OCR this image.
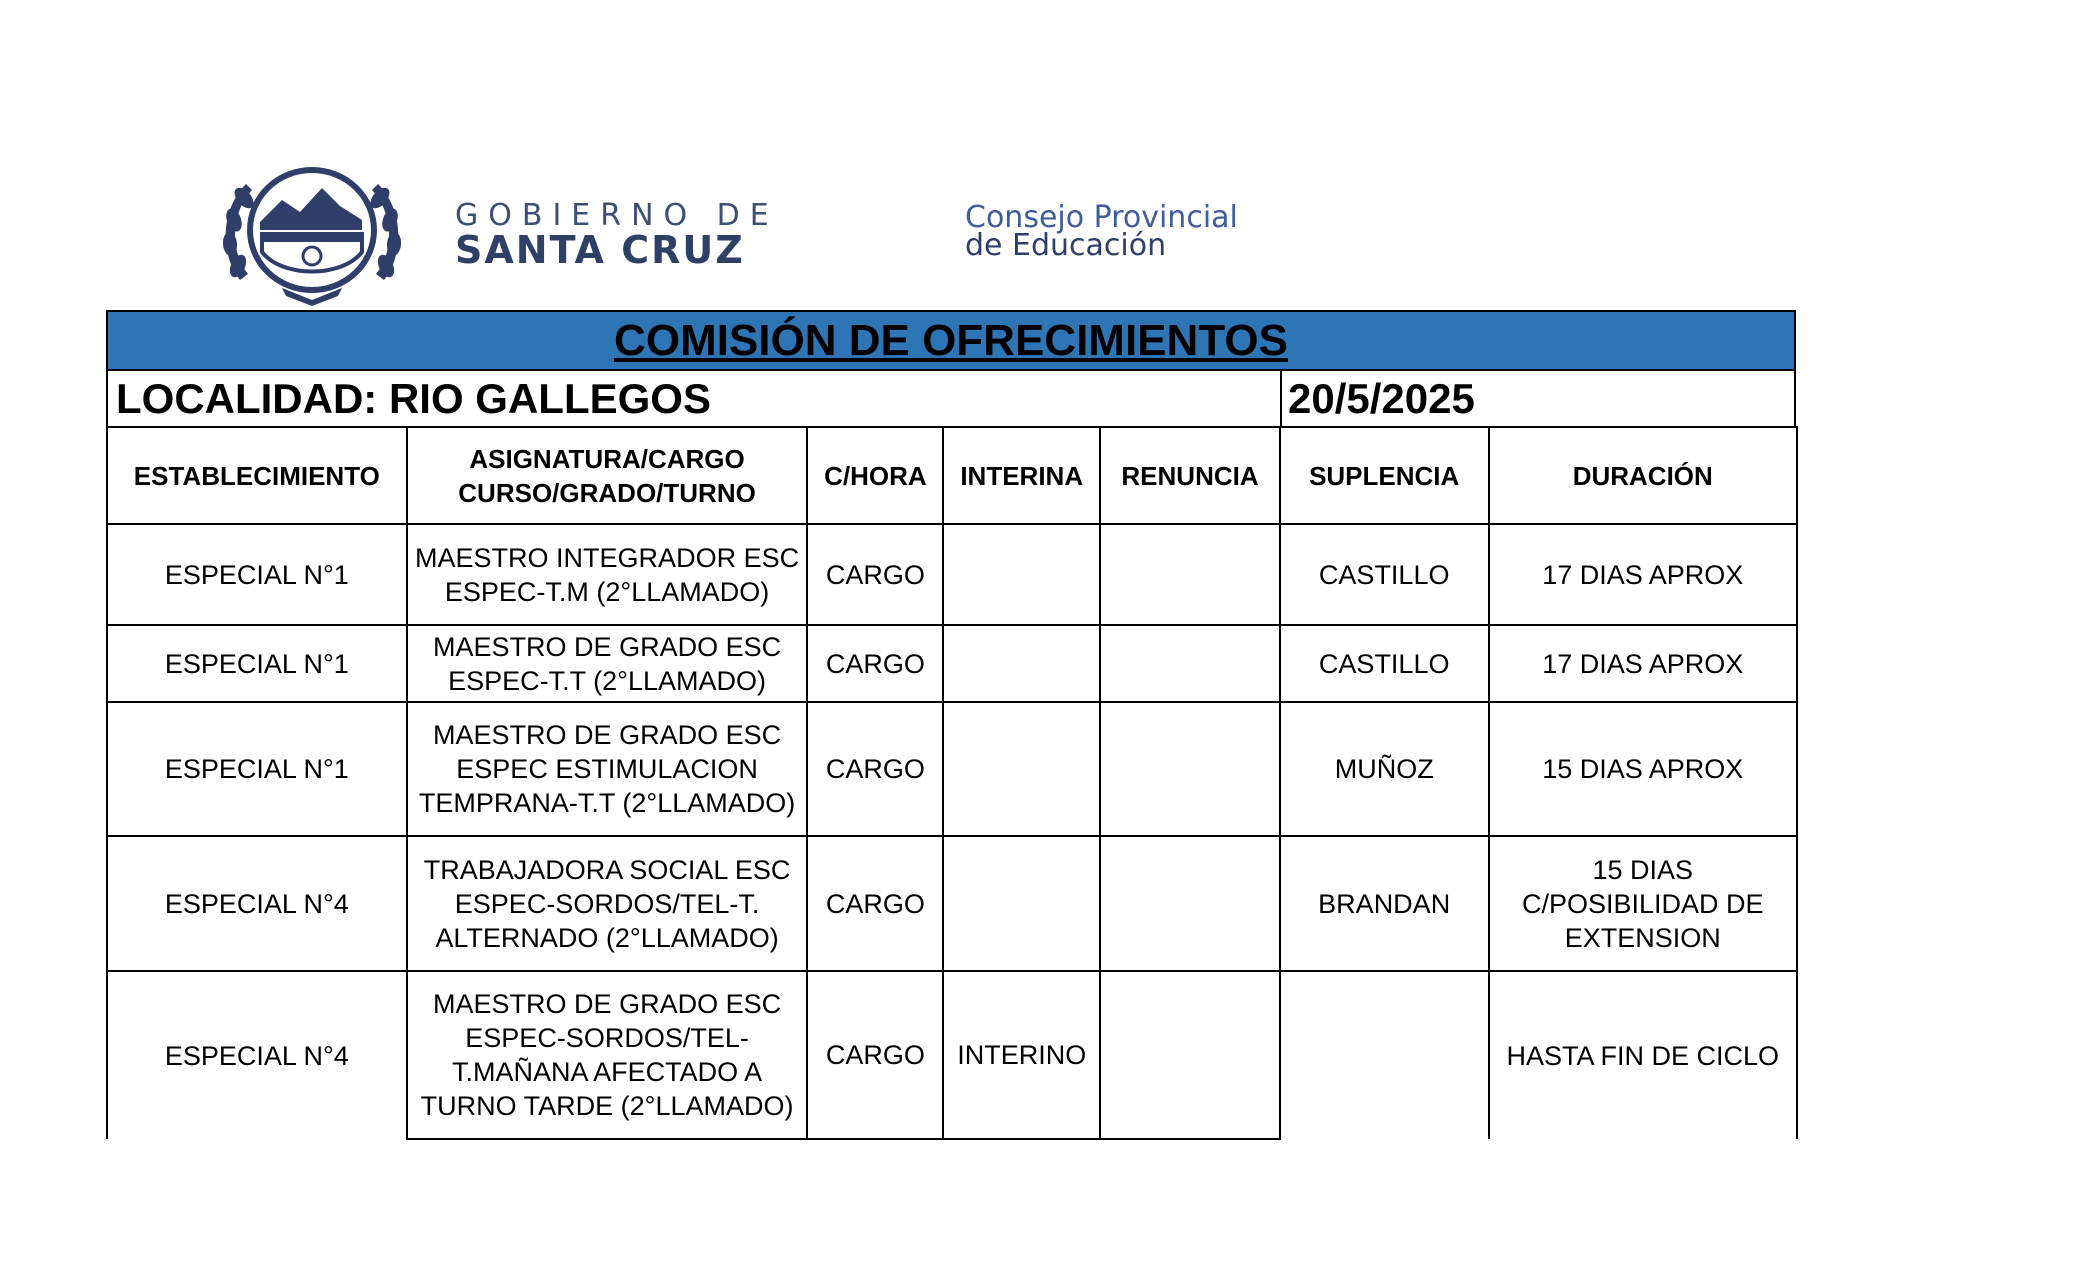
GOBIERNO DE
SANTA CRUZ
Consejo Provincial
de Educación
COMISIÓN DE OFRECIMIENTOS
LOCALIDAD: RIO GALLEGOS	20/5/2025
ESTABLECIMIENTO	ASIGNATURA/CARGO CURSO/GRADO/TURNO	C/HORA	INTERINA	RENUNCIA	SUPLENCIA	DURACIÓN
ESPECIAL N°1	MAESTRO INTEGRADOR ESC ESPEC-T.M (2°LLAMADO)	CARGO			CASTILLO	17 DIAS APROX
ESPECIAL N°1	MAESTRO DE GRADO ESC ESPEC-T.T (2°LLAMADO)	CARGO			CASTILLO	17 DIAS APROX
ESPECIAL N°1	MAESTRO DE GRADO ESC ESPEC ESTIMULACION TEMPRANA-T.T (2°LLAMADO)	CARGO			MUÑOZ	15 DIAS APROX
ESPECIAL N°4	TRABAJADORA SOCIAL ESC ESPEC-SORDOS/TEL-T. ALTERNADO (2°LLAMADO)	CARGO			BRANDAN	15 DIAS C/POSIBILIDAD DE EXTENSION
ESPECIAL N°4	MAESTRO DE GRADO ESC ESPEC-SORDOS/TEL-T.MAÑANA AFECTADO A TURNO TARDE (2°LLAMADO)	CARGO	INTERINO			HASTA FIN DE CICLO
